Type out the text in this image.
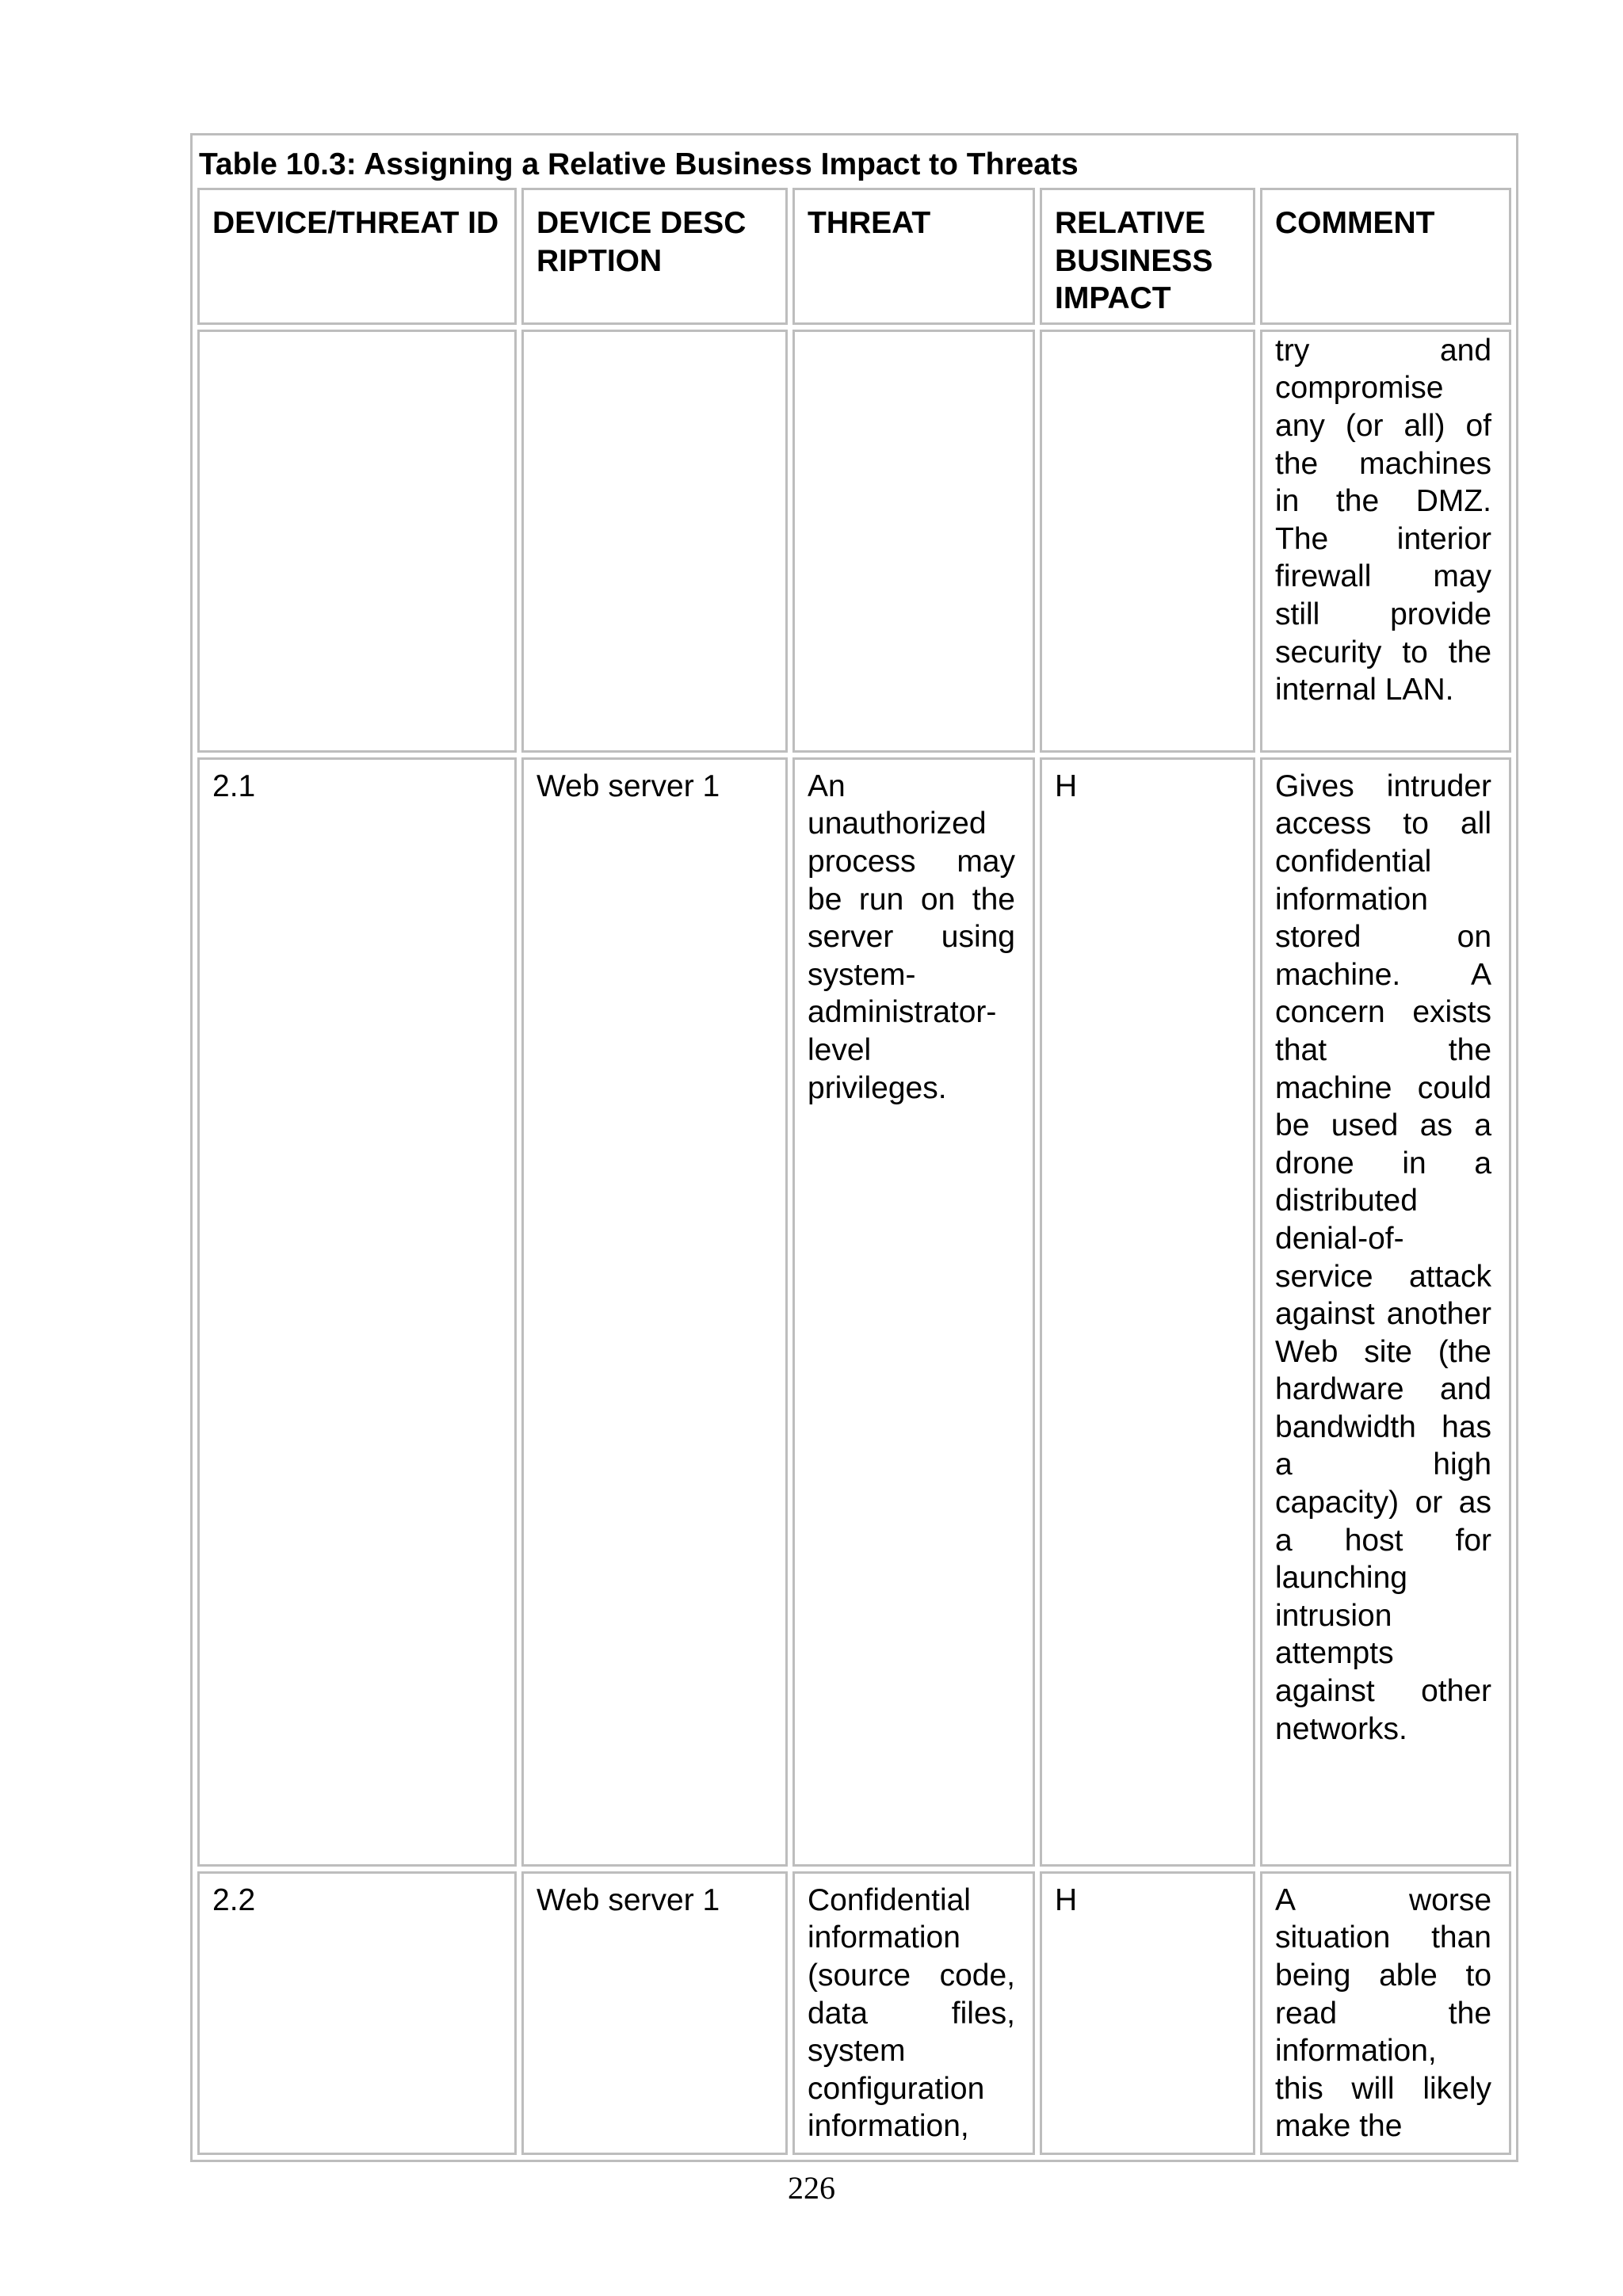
Table 10.3: Assigning a Relative Business Impact to Threats				
DEVICE/THREAT ID	DEVICE DESCRIPTION	THREAT	RELATIVE BUSINESS IMPACT	COMMENT
				try and compromise any (or all) of the machines in the DMZ. The interior firewall may still provide security to the internal LAN.
2.1	Web server 1	An unauthorized process may be run on the server using system-administrator-level privileges.	H	Gives intruder access to all confidential information stored on machine. A concern exists that the machine could be used as a drone in a distributed denial-of-service attack against another Web site (the hardware and bandwidth has a high capacity) or as a host for launching intrusion attempts against other networks.
2.2	Web server 1	Confidential information (source code, data files, system configuration information,	H	A worse situation than being able to read the information, this will likely make the
226
